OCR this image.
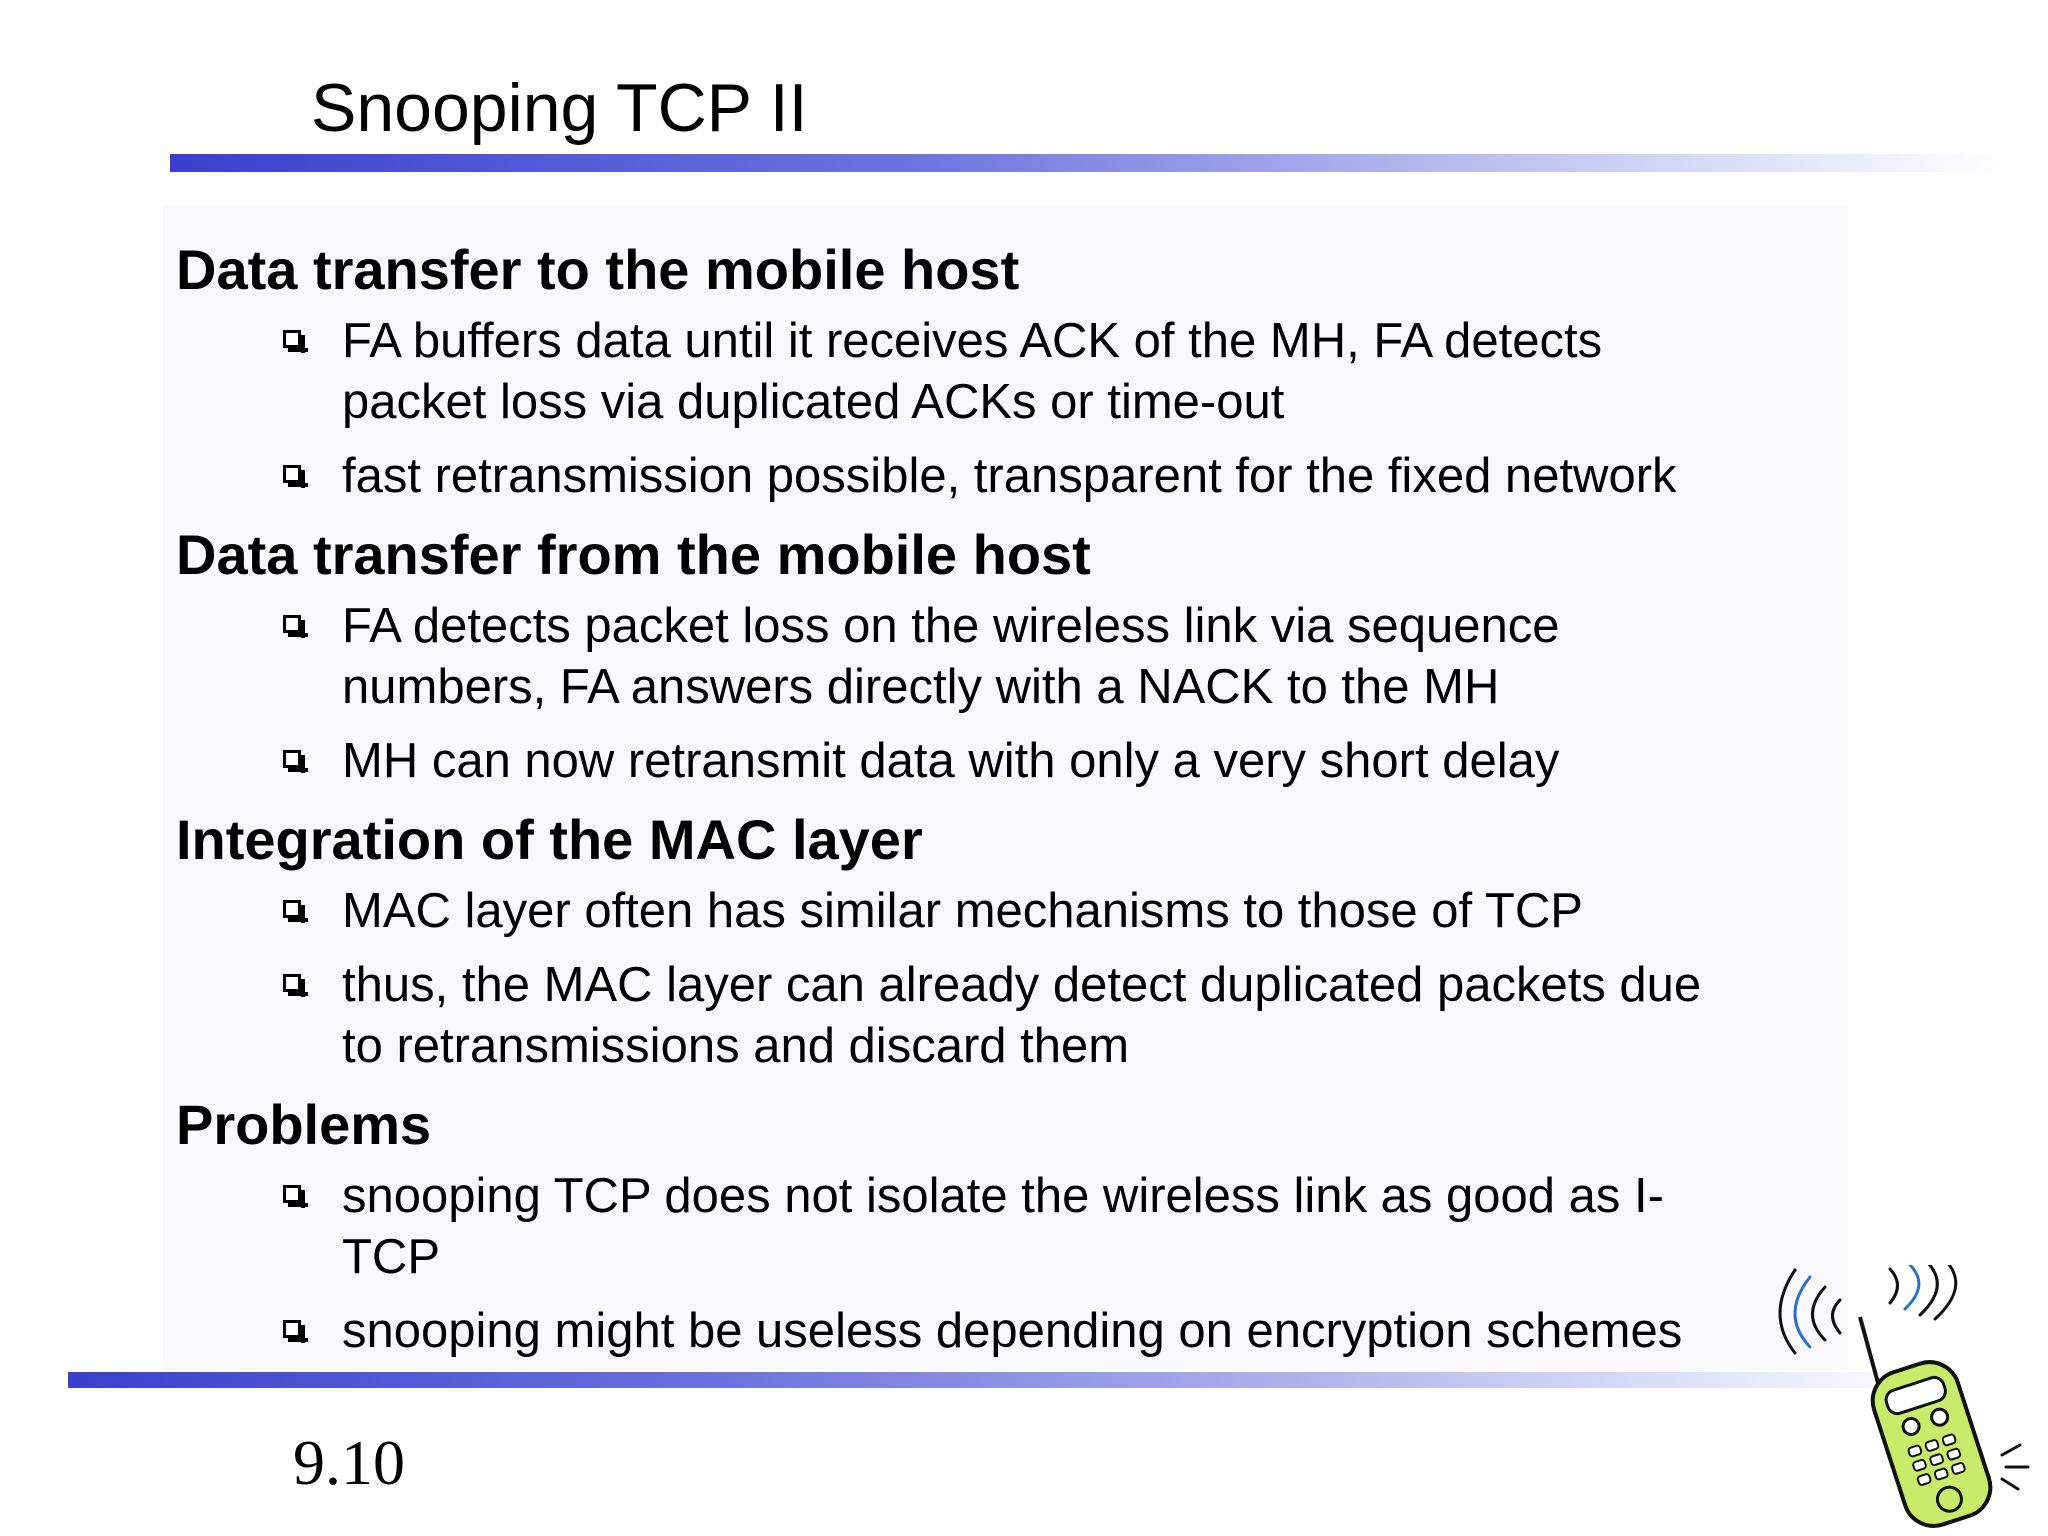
Snooping TCP II
Data transfer to the mobile host
FA buffers data until it receives ACK of the MH, FA detects packet loss via duplicated ACKs or time-out
fast retransmission possible, transparent for the fixed network
Data transfer from the mobile host
FA detects packet loss on the wireless link via sequence numbers, FA answers directly with a NACK to the MH
MH can now retransmit data with only a very short delay
Integration of the MAC layer
MAC layer often has similar mechanisms to those of TCP
thus, the MAC layer can already detect duplicated packets due to retransmissions and discard them
Problems
snooping TCP does not isolate the wireless link as good as I-TCP
snooping might be useless depending on encryption schemes
9.10
